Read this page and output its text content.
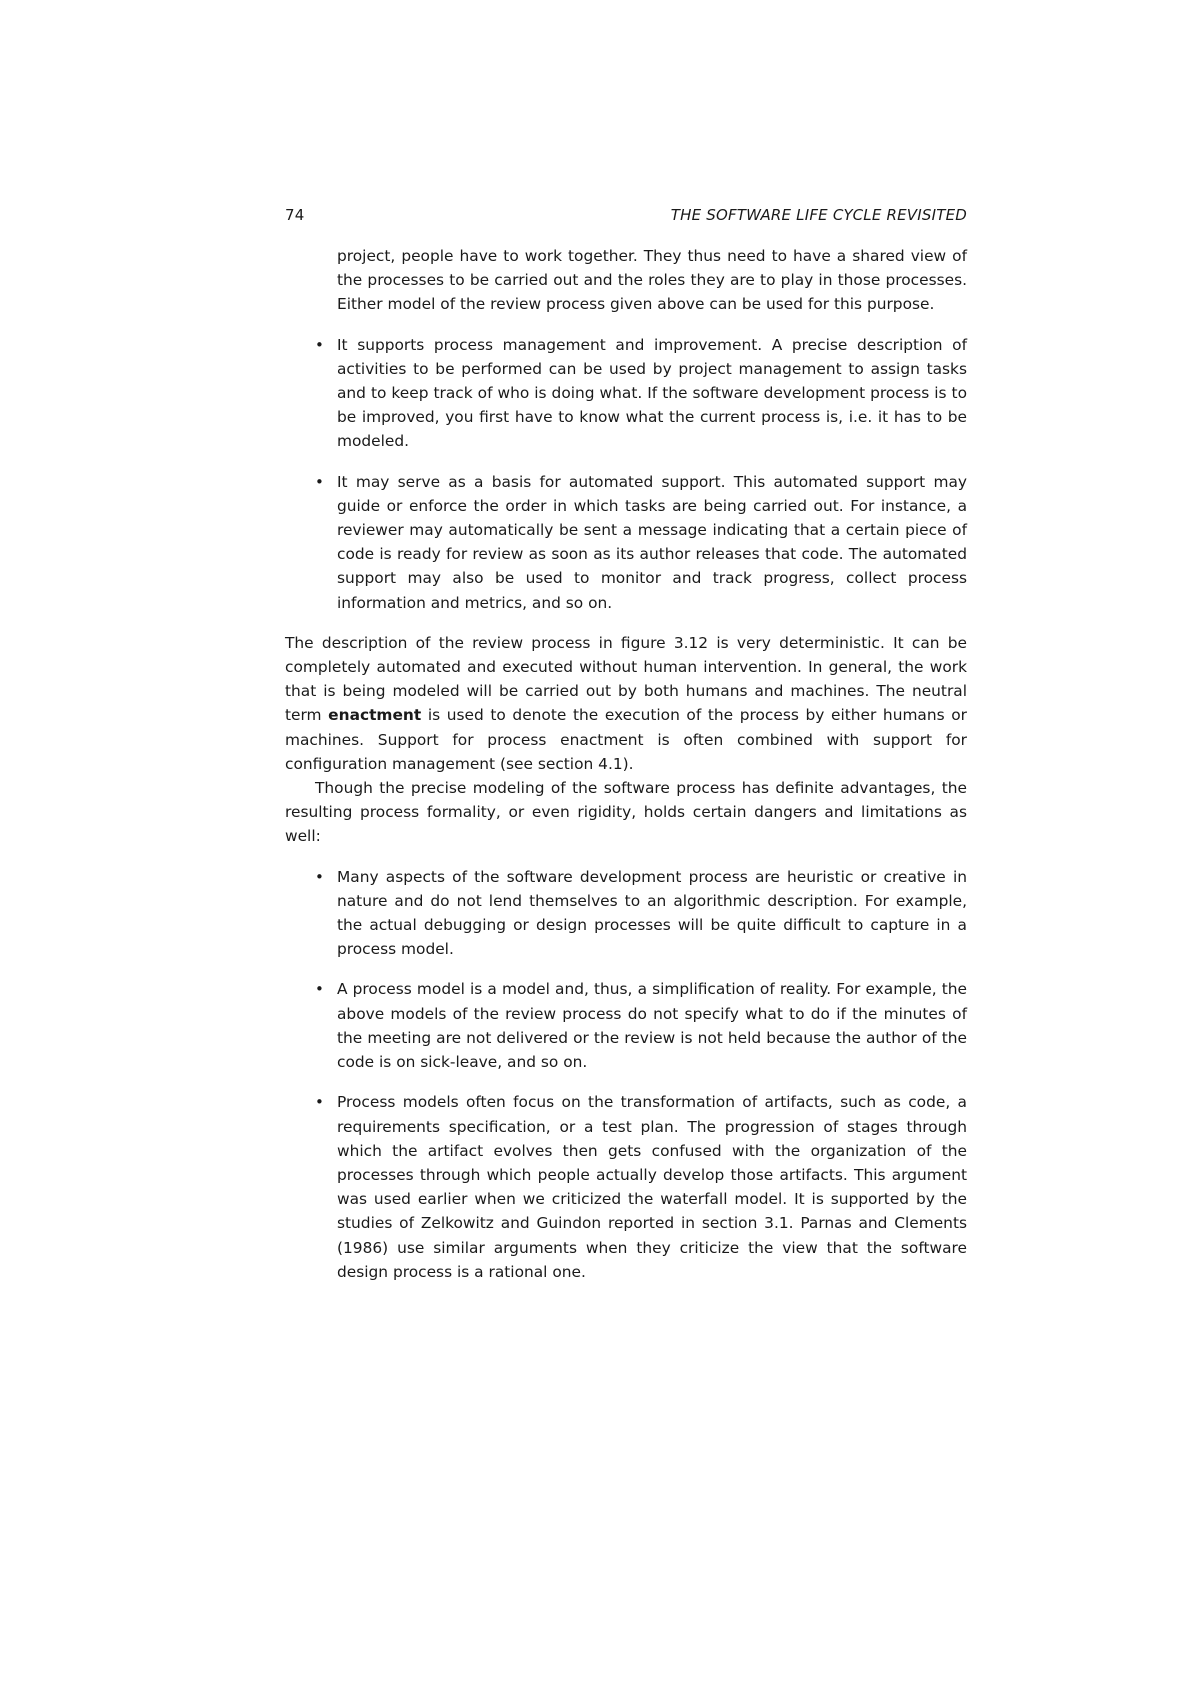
74	THE SOFTWARE LIFE CYCLE REVISITED

project, people have to work together. They thus need to have a shared view of the processes to be carried out and the roles they are to play in those processes. Either model of the review process given above can be used for this purpose.

• It supports process management and improvement. A precise description of activities to be performed can be used by project management to assign tasks and to keep track of who is doing what. If the software development process is to be improved, you first have to know what the current process is, i.e. it has to be modeled.
• It may serve as a basis for automated support. This automated support may guide or enforce the order in which tasks are being carried out. For instance, a reviewer may automatically be sent a message indicating that a certain piece of code is ready for review as soon as its author releases that code. The automated support may also be used to monitor and track progress, collect process information and metrics, and so on.

The description of the review process in figure 3.12 is very deterministic. It can be completely automated and executed without human intervention. In general, the work that is being modeled will be carried out by both humans and machines. The neutral term enactment is used to denote the execution of the process by either humans or machines. Support for process enactment is often combined with support for configuration management (see section 4.1).

Though the precise modeling of the software process has definite advantages, the resulting process formality, or even rigidity, holds certain dangers and limitations as well:

• Many aspects of the software development process are heuristic or creative in nature and do not lend themselves to an algorithmic description. For example, the actual debugging or design processes will be quite difficult to capture in a process model.
• A process model is a model and, thus, a simplification of reality. For example, the above models of the review process do not specify what to do if the minutes of the meeting are not delivered or the review is not held because the author of the code is on sick-leave, and so on.
• Process models often focus on the transformation of artifacts, such as code, a requirements specification, or a test plan. The progression of stages through which the artifact evolves then gets confused with the organization of the processes through which people actually develop those artifacts. This argument was used earlier when we criticized the waterfall model. It is supported by the studies of Zelkowitz and Guindon reported in section 3.1. Parnas and Clements (1986) use similar arguments when they criticize the view that the software design process is a rational one.
